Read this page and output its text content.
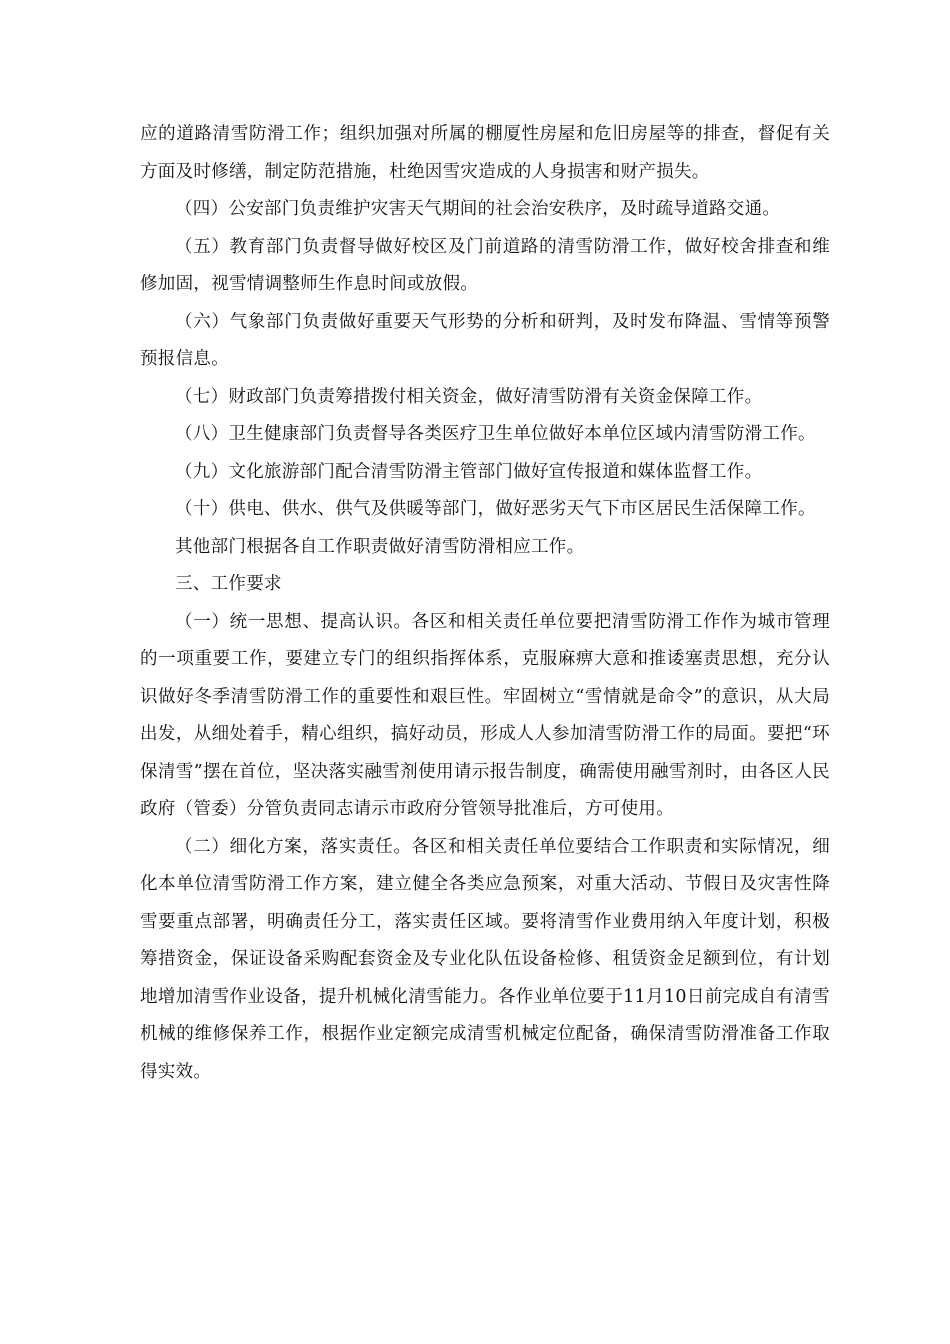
应的道路清雪防滑工作；组织加强对所属的棚厦性房屋和危旧房屋等的排查，督促有关方面及时修缮，制定防范措施，杜绝因雪灾造成的人身损害和财产损失。

（四）公安部门负责维护灾害天气期间的社会治安秩序，及时疏导道路交通。

（五）教育部门负责督导做好校区及门前道路的清雪防滑工作，做好校舍排查和维修加固，视雪情调整师生作息时间或放假。

（六）气象部门负责做好重要天气形势的分析和研判，及时发布降温、雪情等预警预报信息。

（七）财政部门负责筹措拨付相关资金，做好清雪防滑有关资金保障工作。

（八）卫生健康部门负责督导各类医疗卫生单位做好本单位区域内清雪防滑工作。

（九）文化旅游部门配合清雪防滑主管部门做好宣传报道和媒体监督工作。

（十）供电、供水、供气及供暖等部门，做好恶劣天气下市区居民生活保障工作。

其他部门根据各自工作职责做好清雪防滑相应工作。

三、工作要求

（一）统一思想、提高认识。各区和相关责任单位要把清雪防滑工作作为城市管理的一项重要工作，要建立专门的组织指挥体系，克服麻痹大意和推诿塞责思想，充分认识做好冬季清雪防滑工作的重要性和艰巨性。牢固树立“雪情就是命令”的意识，从大局出发，从细处着手，精心组织，搞好动员，形成人人参加清雪防滑工作的局面。要把“环保清雪”摆在首位，坚决落实融雪剂使用请示报告制度，确需使用融雪剂时，由各区人民政府（管委）分管负责同志请示市政府分管领导批准后，方可使用。

（二）细化方案，落实责任。各区和相关责任单位要结合工作职责和实际情况，细化本单位清雪防滑工作方案，建立健全各类应急预案，对重大活动、节假日及灾害性降雪要重点部署，明确责任分工，落实责任区域。要将清雪作业费用纳入年度计划，积极筹措资金，保证设备采购配套资金及专业化队伍设备检修、租赁资金足额到位，有计划地增加清雪作业设备，提升机械化清雪能力。各作业单位要于11月10日前完成自有清雪机械的维修保养工作，根据作业定额完成清雪机械定位配备，确保清雪防滑准备工作取得实效。
